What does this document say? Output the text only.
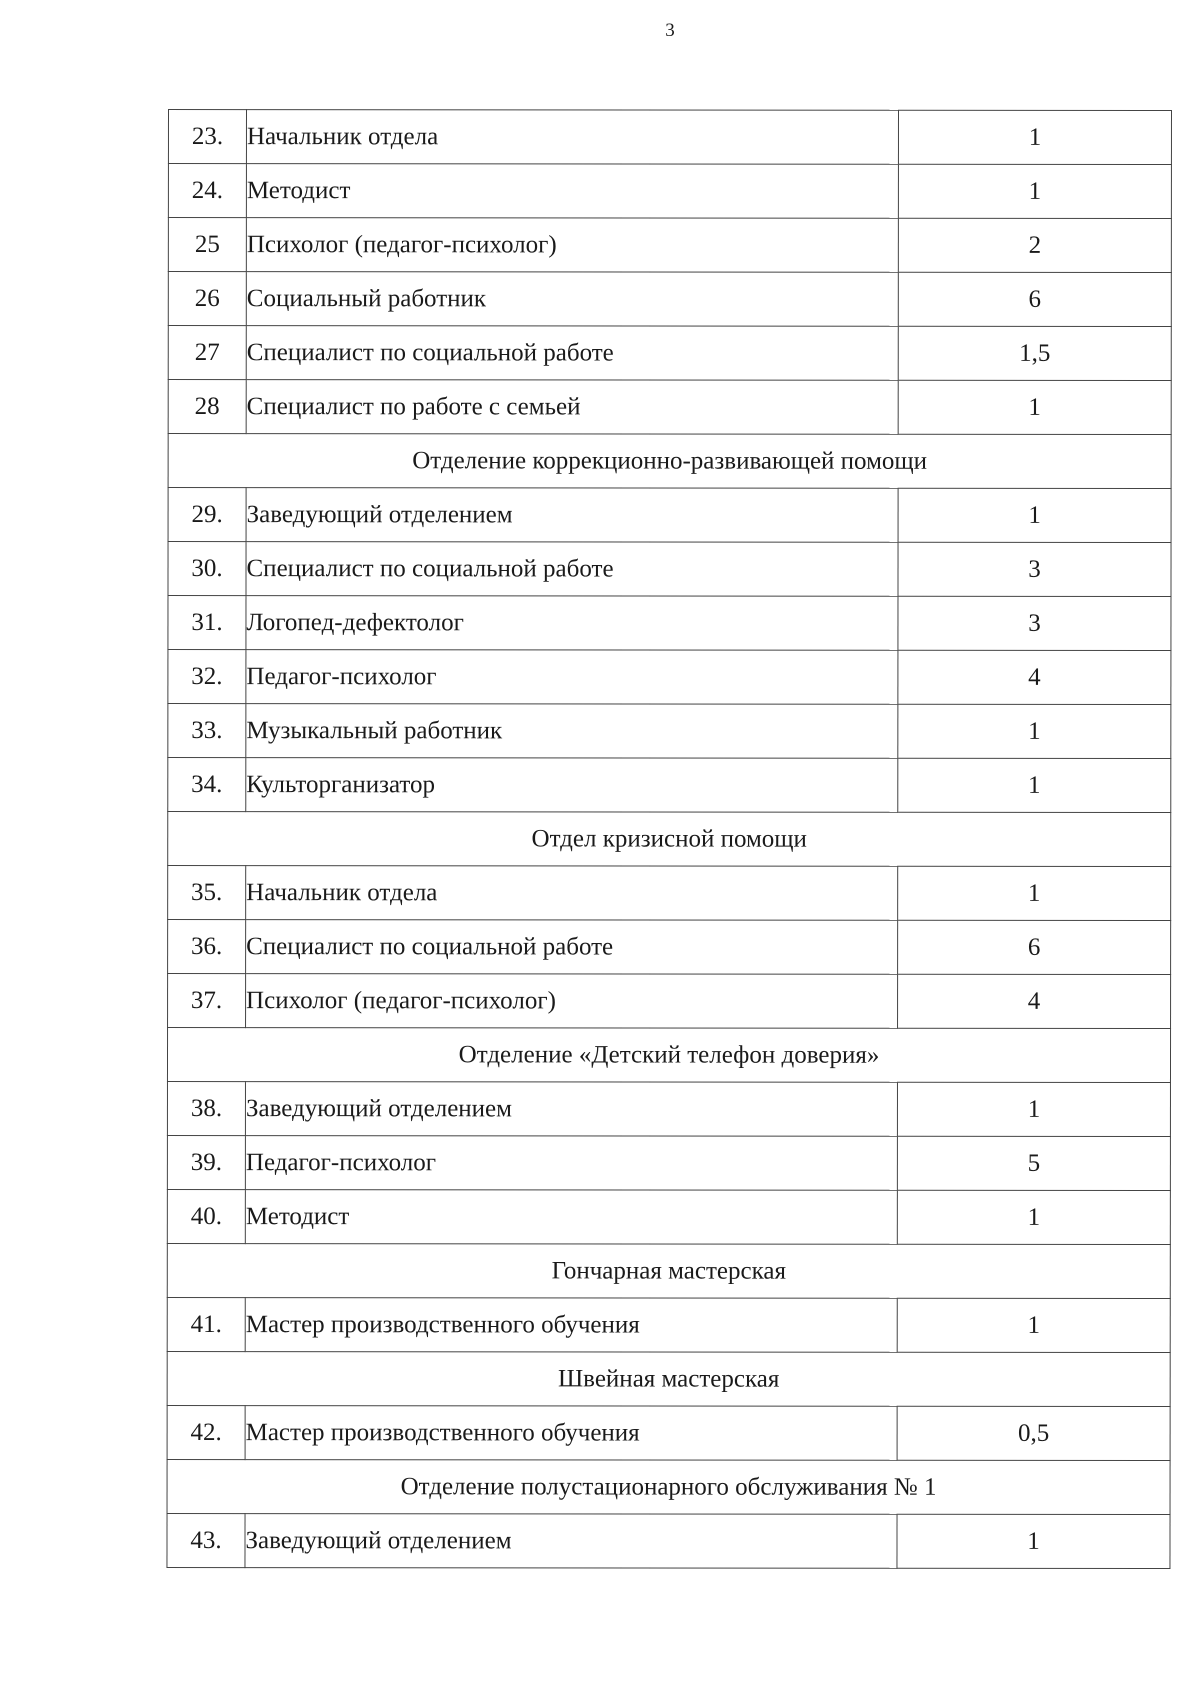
3
23.	Начальник отдела	1
24.	Методист	1
25	Психолог (педагог-психолог)	2
26	Социальный работник	6
27	Специалист по социальной работе	1,5
28	Специалист по работе с семьей	1
Отделение коррекционно-развивающей помощи		
29.	Заведующий отделением	1
30.	Специалист по социальной работе	3
31.	Логопед-дефектолог	3
32.	Педагог-психолог	4
33.	Музыкальный работник	1
34.	Культорганизатор	1
Отдел кризисной помощи		
35.	Начальник отдела	1
36.	Специалист по социальной работе	6
37.	Психолог (педагог-психолог)	4
Отделение «Детский телефон доверия»		
38.	Заведующий отделением	1
39.	Педагог-психолог	5
40.	Методист	1
Гончарная мастерская		
41.	Мастер производственного обучения	1
Швейная мастерская		
42.	Мастер производственного обучения	0,5
Отделение полустационарного обслуживания № 1		
43.	Заведующий отделением	1
